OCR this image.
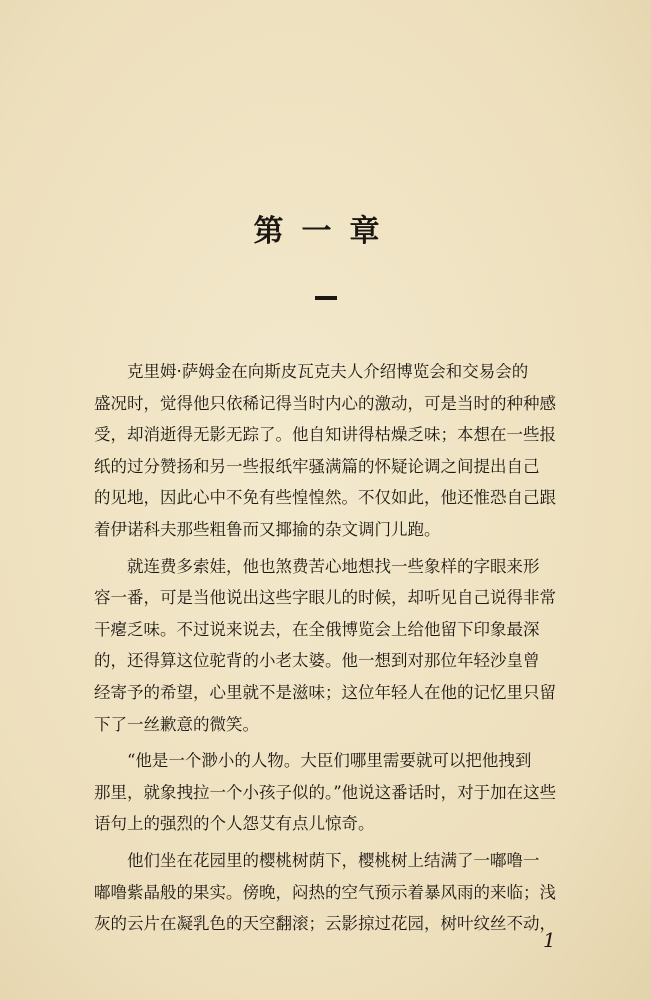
第一章

克里姆·萨姆金在向斯皮瓦克夫人介绍博览会和交易会的
盛况时，觉得他只依稀记得当时内心的激动，可是当时的种种感
受，却消逝得无影无踪了。他自知讲得枯燥乏味；本想在一些报
纸的过分赞扬和另一些报纸牢骚满篇的怀疑论调之间提出自己
的见地，因此心中不免有些惶惶然。不仅如此，他还惟恐自己跟
着伊诺科夫那些粗鲁而又揶揄的杂文调门儿跑。

就连费多索娃，他也煞费苦心地想找一些象样的字眼来形
容一番，可是当他说出这些字眼儿的时候，却听见自己说得非常
干瘪乏味。不过说来说去，在全俄博览会上给他留下印象最深
的，还得算这位驼背的小老太婆。他一想到对那位年轻沙皇曾
经寄予的希望，心里就不是滋味；这位年轻人在他的记忆里只留
下了一丝歉意的微笑。

“他是一个渺小的人物。大臣们哪里需要就可以把他拽到
那里，就象拽拉一个小孩子似的。”他说这番话时，对于加在这些
语句上的强烈的个人怨艾有点儿惊奇。

他们坐在花园里的樱桃树荫下，樱桃树上结满了一嘟噜一
嘟噜紫晶般的果实。傍晚，闷热的空气预示着暴风雨的来临；浅
灰的云片在凝乳色的天空翻滚；云影掠过花园，树叶纹丝不动，

1
